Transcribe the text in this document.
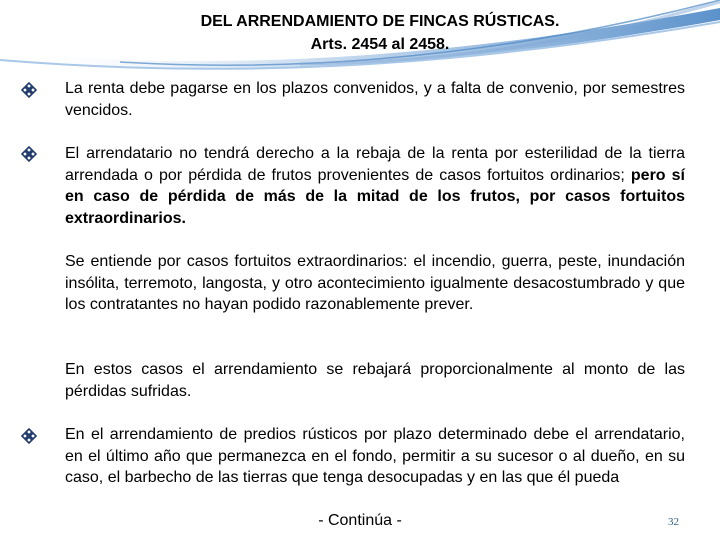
DEL ARRENDAMIENTO DE FINCAS RÚSTICAS.
Arts. 2454 al 2458.

La renta debe pagarse en los plazos convenidos, y a falta de convenio, por semestres vencidos.

El arrendatario no tendrá derecho a la rebaja de la renta por esterilidad de la tierra arrendada o por pérdida de frutos provenientes de casos fortuitos ordinarios; pero sí en caso de pérdida de más de la mitad de los frutos, por casos fortuitos extraordinarios.

Se entiende por casos fortuitos extraordinarios: el incendio, guerra, peste, inundación insólita, terremoto, langosta, y otro acontecimiento igualmente desacostumbrado y que los contratantes no hayan podido razonablemente prever.

En estos casos el arrendamiento se rebajará proporcionalmente al monto de las pérdidas sufridas.

En el arrendamiento de predios rústicos por plazo determinado debe el arrendatario, en el último año que permanezca en el fondo, permitir a su sucesor o al dueño, en su caso, el barbecho de las tierras que tenga desocupadas y en las que él pueda

- Continúa -	32
